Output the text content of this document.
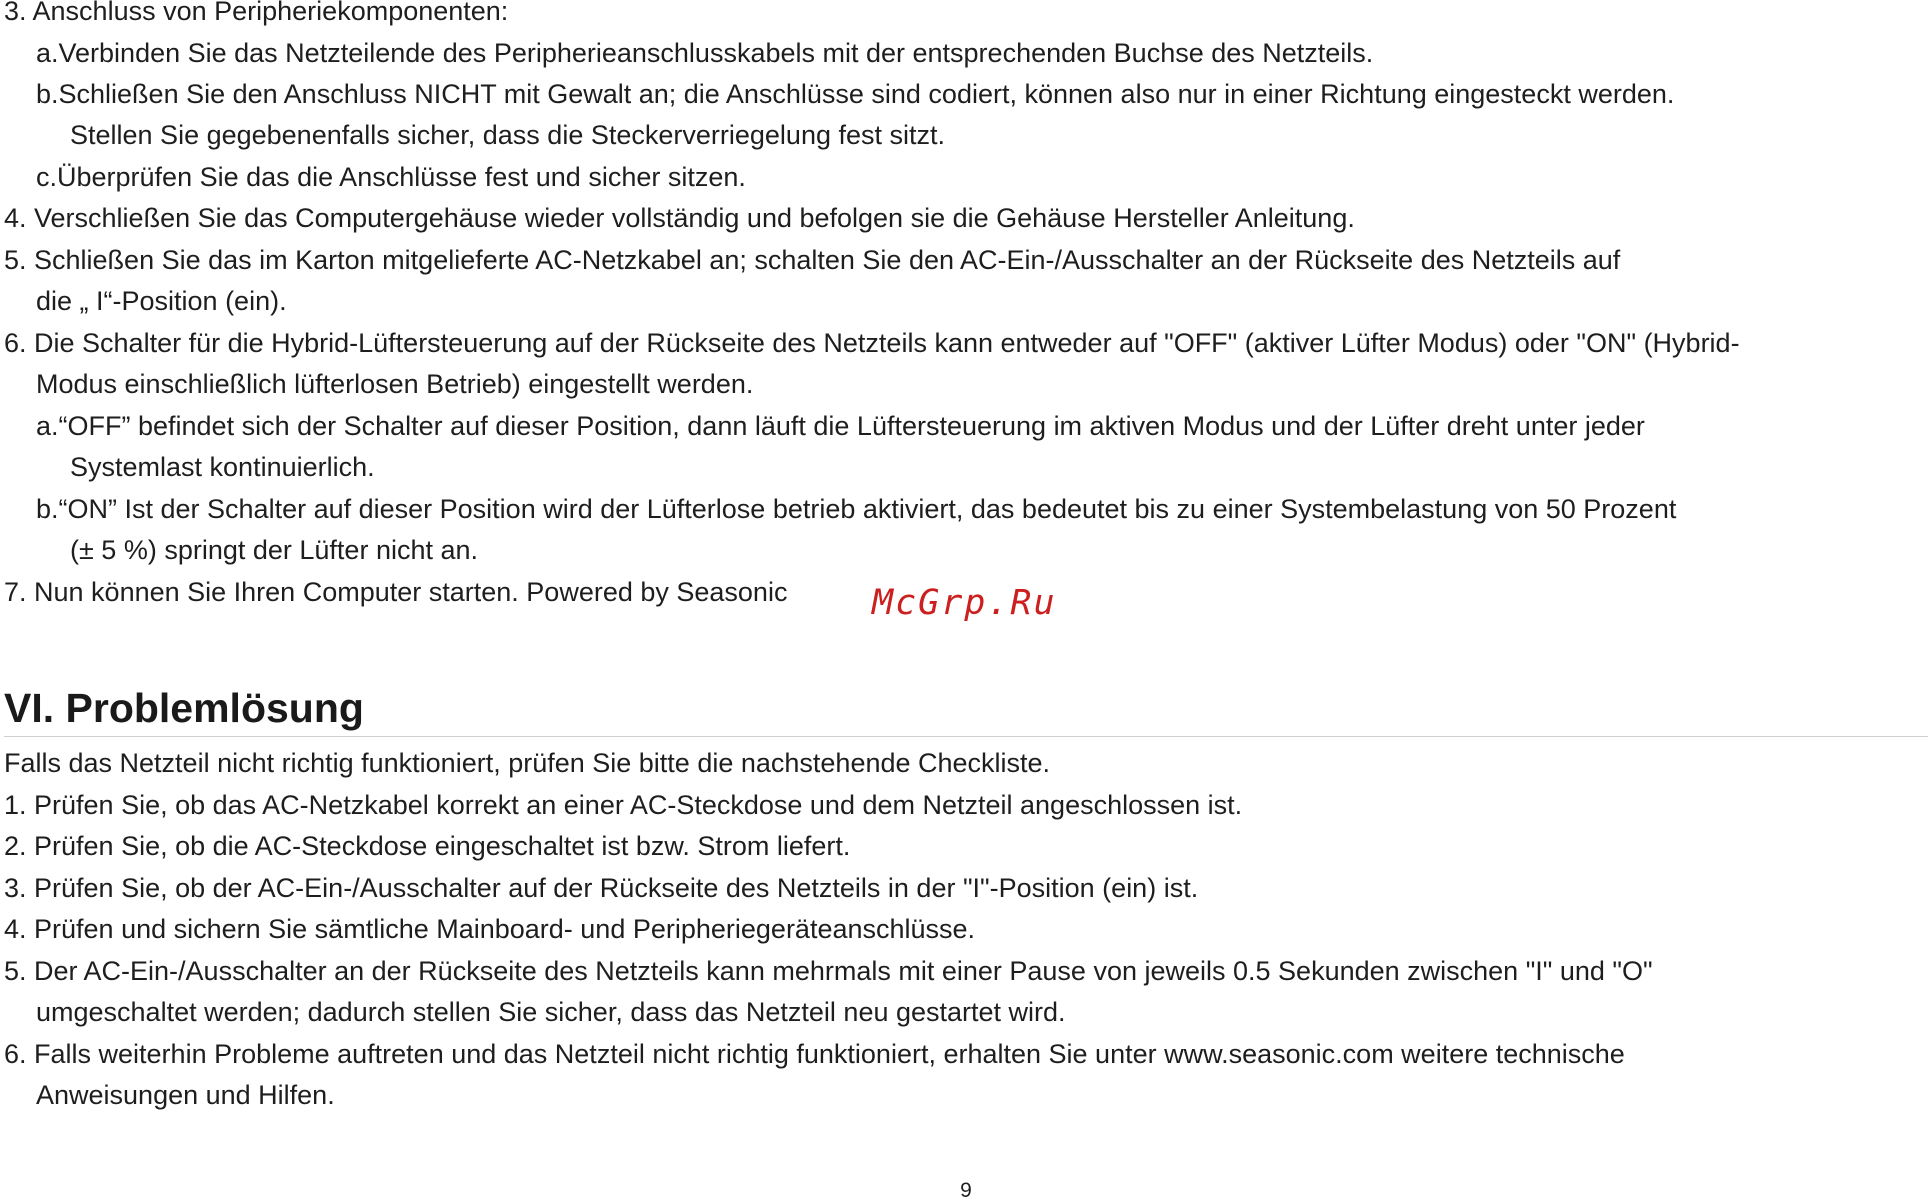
3. Anschluss von Peripheriekomponenten:
a.Verbinden Sie das Netzteilende des Peripherieanschlusskabels mit der entsprechenden Buchse des Netzteils.
b.Schließen Sie den Anschluss NICHT mit Gewalt an; die Anschlüsse sind codiert, können also nur in einer Richtung eingesteckt werden.
Stellen Sie gegebenenfalls sicher, dass die Steckerverriegelung fest sitzt.
c.Überprüfen Sie das die Anschlüsse fest und sicher sitzen.
4. Verschließen Sie das Computergehäuse wieder vollständig und befolgen sie die Gehäuse Hersteller Anleitung.
5. Schließen Sie das im Karton mitgelieferte AC-Netzkabel an; schalten Sie den AC-Ein-/Ausschalter an der Rückseite des Netzteils auf
die „ I“-Position (ein).
6. Die Schalter für die Hybrid-Lüftersteuerung auf der Rückseite des Netzteils kann entweder auf "OFF" (aktiver Lüfter Modus) oder "ON" (Hybrid-
Modus einschließlich lüfterlosen Betrieb) eingestellt werden.
a.“OFF” befindet sich der Schalter auf dieser Position, dann läuft die Lüftersteuerung im aktiven Modus und der Lüfter dreht unter jeder
Systemlast kontinuierlich.
b.“ON” Ist der Schalter auf dieser Position wird der Lüfterlose betrieb aktiviert, das bedeutet bis zu einer Systembelastung von 50 Prozent
(± 5 %) springt der Lüfter nicht an.
7. Nun können Sie Ihren Computer starten. Powered by Seasonic McGrp.Ru
VI. Problemlösung
Falls das Netzteil nicht richtig funktioniert, prüfen Sie bitte die nachstehende Checkliste.
1. Prüfen Sie, ob das AC-Netzkabel korrekt an einer AC-Steckdose und dem Netzteil angeschlossen ist.
2. Prüfen Sie, ob die AC-Steckdose eingeschaltet ist bzw. Strom liefert.
3. Prüfen Sie, ob der AC-Ein-/Ausschalter auf der Rückseite des Netzteils in der "I"-Position (ein) ist.
4. Prüfen und sichern Sie sämtliche Mainboard- und Peripheriegeräteanschlüsse.
5. Der AC-Ein-/Ausschalter an der Rückseite des Netzteils kann mehrmals mit einer Pause von jeweils 0.5 Sekunden zwischen "I" und "O"
umgeschaltet werden; dadurch stellen Sie sicher, dass das Netzteil neu gestartet wird.
6. Falls weiterhin Probleme auftreten und das Netzteil nicht richtig funktioniert, erhalten Sie unter www.seasonic.com weitere technische
Anweisungen und Hilfen.
9
